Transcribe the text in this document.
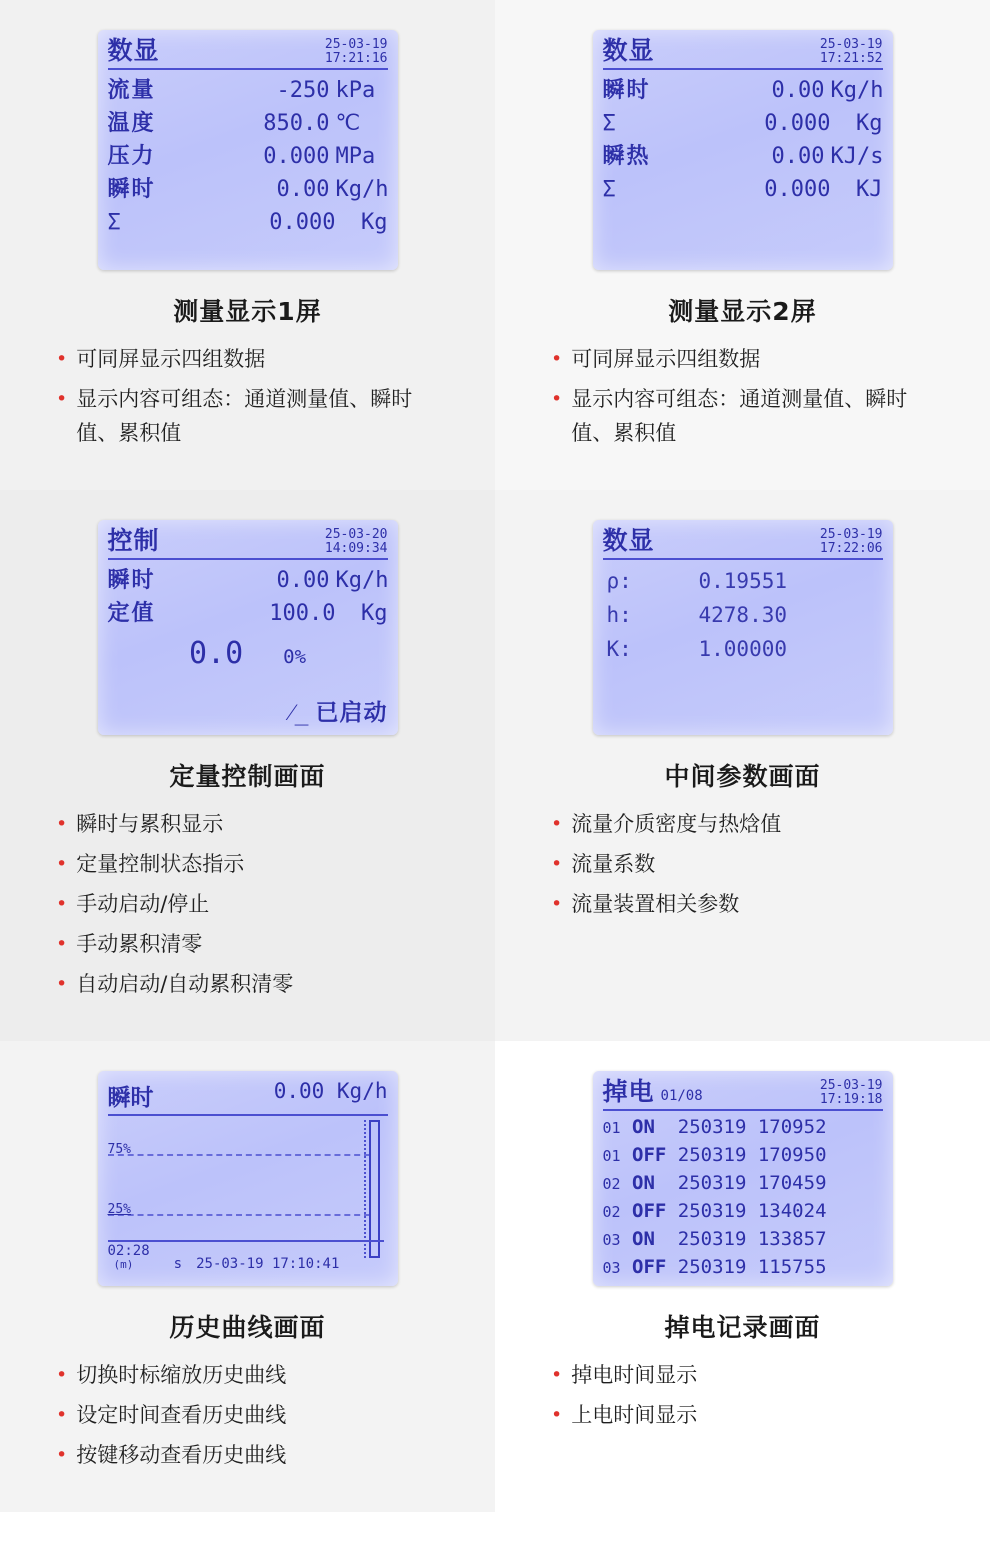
数显	25-03-19
17:21:16
流量	-250 kPa
温度	850.0 ℃
压力	0.000 MPa
瞬时	0.00 Kg/h
Σ	0.000	Kg
测量显示1屏
• 可同屏显示四组数据
• 显示内容可组态：通道测量值、瞬时值、累积值
数显	25-03-19
17:21:52
瞬时	0.00 Kg/h
Σ	0.000	Kg
瞬热	0.00 KJ/s
Σ	0.000	KJ
测量显示2屏
• 可同屏显示四组数据
• 显示内容可组态：通道测量值、瞬时值、累积值
控制	25-03-20
14:09:34
瞬时	0.00 Kg/h
定值	100.0	Kg
0.0 0%
⁄_ 已启动
定量控制画面
• 瞬时与累积显示
• 定量控制状态指示
• 手动启动/停止
• 手动累积清零
• 自动启动/自动累积清零
数显	25-03-19
17:22:06
ρ:	0.19551
h:	4278.30
K:	1.00000
中间参数画面
• 流量介质密度与热焓值
• 流量系数
• 流量装置相关参数
瞬时	0.00 Kg/h
75%
25%
02:28
(m)	s 25-03-19 17:10:41
历史曲线画面
• 切换时标缩放历史曲线
• 设定时间查看历史曲线
• 按键移动查看历史曲线
掉电 01/08
25-03-19
17:19:18
01 ON  250319 170952
01 OFF 250319 170950
02 ON  250319 170459
02 OFF 250319 134024
03 ON  250319 133857
03 OFF 250319 115755
掉电记录画面
• 掉电时间显示
• 上电时间显示
